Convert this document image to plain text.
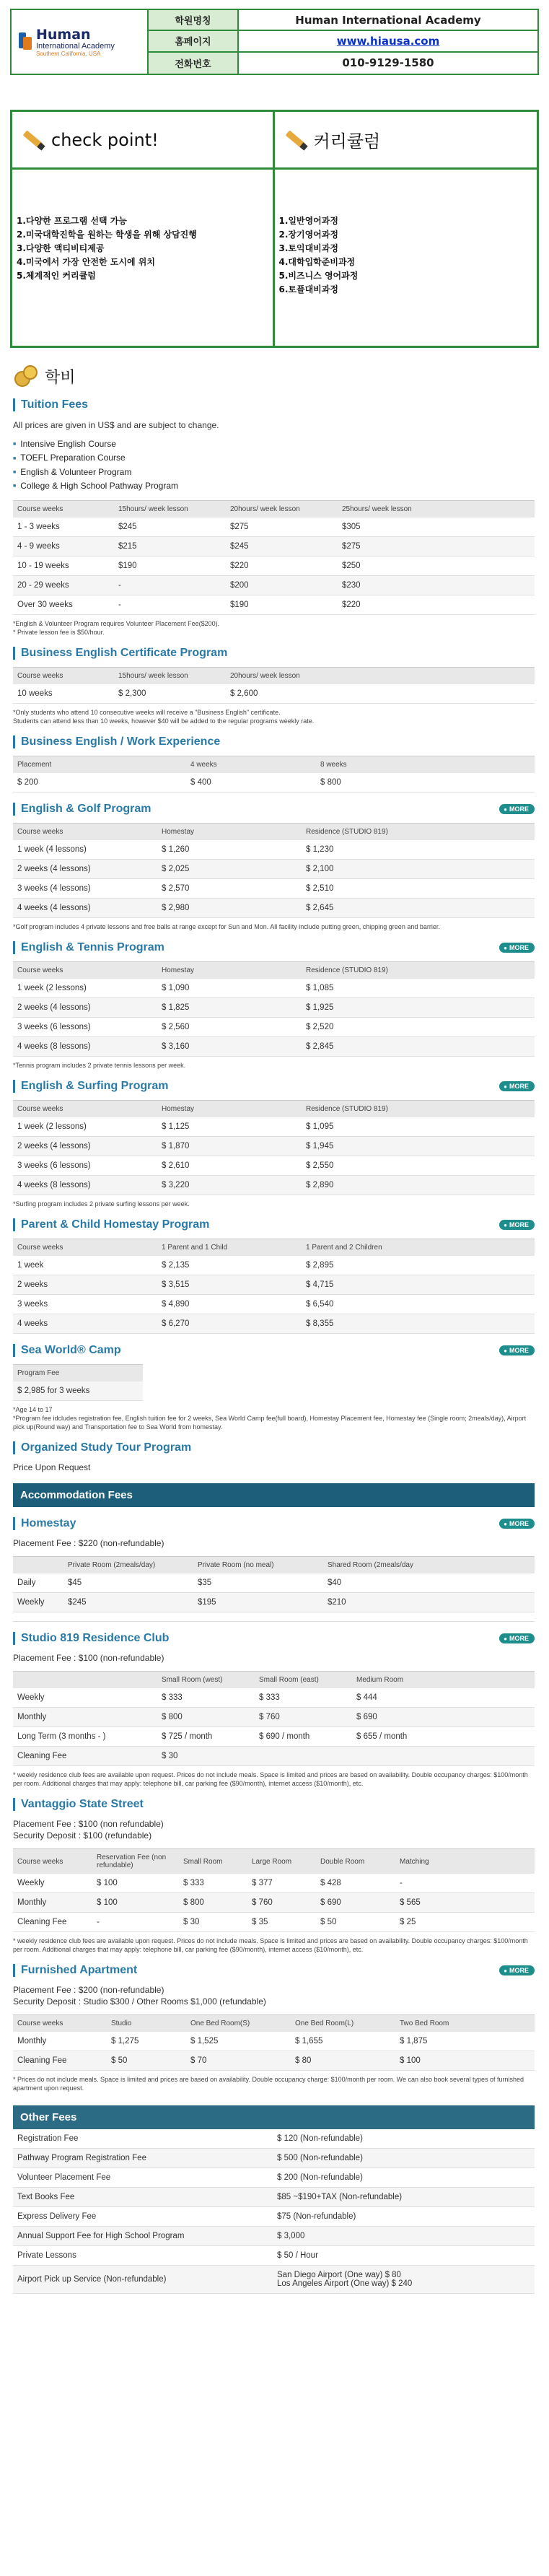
Human
International Academy
Southern California, USA
학원명칭	Human International Academy
홈페이지	www.hiausa.com
전화번호	010-9129-1580
check point!	커리큘럼
1.다양한 프로그램 선택 가능
2.미국대학진학을 원하는 학생을 위해 상담진행
3.다양한 액티비티제공
4.미국에서 가장 안전한 도시에 위치
5.체계적인 커리큘럼
1.일반영어과정
2.장기영어과정
3.토익대비과정
4.대학입학준비과정
5.비즈니스 영어과정
6.토플대비과정
학비
Tuition Fees
All prices are given in US$ and are subject to change.
■ Intensive English Course
■ TOEFL Preparation Course
■ English & Volunteer Program
■ College & High School Pathway Program
Course weeks	15hours/ week lesson	20hours/ week lesson	25hours/ week lesson
1 - 3 weeks	$245	$275	$305
4 - 9 weeks	$215	$245	$275
10 - 19 weeks	$190	$220	$250
20 - 29 weeks	-	$200	$230
Over 30 weeks	-	$190	$220
*English & Volunteer Program requires Volunteer Placement Fee($200).
* Private lesson fee is $50/hour.
Business English Certificate Program
Course weeks	15hours/ week lesson	20hours/ week lesson
10 weeks	$ 2,300	$ 2,600
*Only students who attend 10 consecutive weeks will receive a "Business English" certificate.
Students can attend less than 10 weeks, however $40 will be added to the regular programs weekly rate.
Business English / Work Experience
Placement	4 weeks	8 weeks
$ 200	$ 400	$ 800
English & Golf Program	● MORE
Course weeks	Homestay	Residence (STUDIO 819)
1 week (4 lessons)	$ 1,260	$ 1,230
2 weeks (4 lessons)	$ 2,025	$ 2,100
3 weeks (4 lessons)	$ 2,570	$ 2,510
4 weeks (4 lessons)	$ 2,980	$ 2,645
*Golf program includes 4 private lessons and free balls at range except for Sun and Mon. All facility include putting green, chipping green and barrier.
English & Tennis Program	● MORE
Course weeks	Homestay	Residence (STUDIO 819)
1 week (2 lessons)	$ 1,090	$ 1,085
2 weeks (4 lessons)	$ 1,825	$ 1,925
3 weeks (6 lessons)	$ 2,560	$ 2,520
4 weeks (8 lessons)	$ 3,160	$ 2,845
*Tennis program includes 2 private tennis lessons per week.
English & Surfing Program	● MORE
Course weeks	Homestay	Residence (STUDIO 819)
1 week (2 lessons)	$ 1,125	$ 1,095
2 weeks (4 lessons)	$ 1,870	$ 1,945
3 weeks (6 lessons)	$ 2,610	$ 2,550
4 weeks (8 lessons)	$ 3,220	$ 2,890
*Surfing program includes 2 private surfing lessons per week.
Parent & Child Homestay Program	● MORE
Course weeks	1 Parent and 1 Child	1 Parent and 2 Children
1 week	$ 2,135	$ 2,895
2 weeks	$ 3,515	$ 4,715
3 weeks	$ 4,890	$ 6,540
4 weeks	$ 6,270	$ 8,355
Sea World® Camp	● MORE
Program Fee
$ 2,985 for 3 weeks
*Age 14 to 17
*Program fee idcludes registration fee, English tuition fee for 2 weeks, Sea World Camp fee(full board), Homestay Placement fee, Homestay fee (Single room; 2meals/day), Airport pick up(Round way) and Transportation fee to Sea World from homestay.
Organized Study Tour Program
Price Upon Request
Accommodation Fees
Homestay	● MORE
Placement Fee : $220 (non-refundable)
	Private Room (2meals/day)	Private Room (no meal)	Shared Room (2meals/day
Daily	$45	$35	$40
Weekly	$245	$195	$210
Studio 819 Residence Club	● MORE
Placement Fee : $100 (non-refundable)
	Small Room (west)	Small Room (east)	Medium Room
Weekly	$ 333	$ 333	$ 444
Monthly	$ 800	$ 760	$ 690
Long Term (3 months - )	$ 725 / month	$ 690 / month	$ 655 / month
Cleaning Fee	$ 30		
* weekly residence club fees are available upon request. Prices do not include meals. Space is limited and prices are based on availability. Double occupancy charges: $100/month per room. Additional charges that may apply: telephone bill, car parking fee ($90/month), internet access ($10/month), etc.
Vantaggio State Street
Placement Fee : $100 (non refundable)
Security Deposit : $100 (refundable)
Course weeks	Reservation Fee (non refundable)	Small Room	Large Room	Double Room	Matching
Weekly	$ 100	$ 333	$ 377	$ 428	-
Monthly	$ 100	$ 800	$ 760	$ 690	$ 565
Cleaning Fee	-	$ 30	$ 35	$ 50	$ 25
* weekly residence club fees are available upon request. Prices do not include meals. Space is limited and prices are based on availability. Double occupancy charges: $100/month per room. Additional charges that may apply: telephone bill, car parking fee ($90/month), internet access ($10/month), etc.
Furnished Apartment	● MORE
Placement Fee : $200 (non-refundable)
Security Deposit : Studio $300 / Other Rooms $1,000 (refundable)
Course weeks	Studio	One Bed Room(S)	One Bed Room(L)	Two Bed Room
Monthly	$ 1,275	$ 1,525	$ 1,655	$ 1,875
Cleaning Fee	$ 50	$ 70	$ 80	$ 100
* Prices do not include meals. Space is limited and prices are based on availability. Double occupancy charge: $100/month per room. We can also book several types of furnished apartment upon request.
Other Fees
Registration Fee	$ 120 (Non-refundable)
Pathway Program Registration Fee	$ 500 (Non-refundable)
Volunteer Placement Fee	$ 200 (Non-refundable)
Text Books Fee	$85 ~$190+TAX (Non-refundable)
Express Delivery Fee	$75 (Non-refundable)
Annual Support Fee for High School Program	$ 3,000
Private Lessons	$ 50 / Hour
Airport Pick up Service (Non-refundable)	San Diego Airport (One way) $ 80
Los Angeles Airport (One way) $ 240
